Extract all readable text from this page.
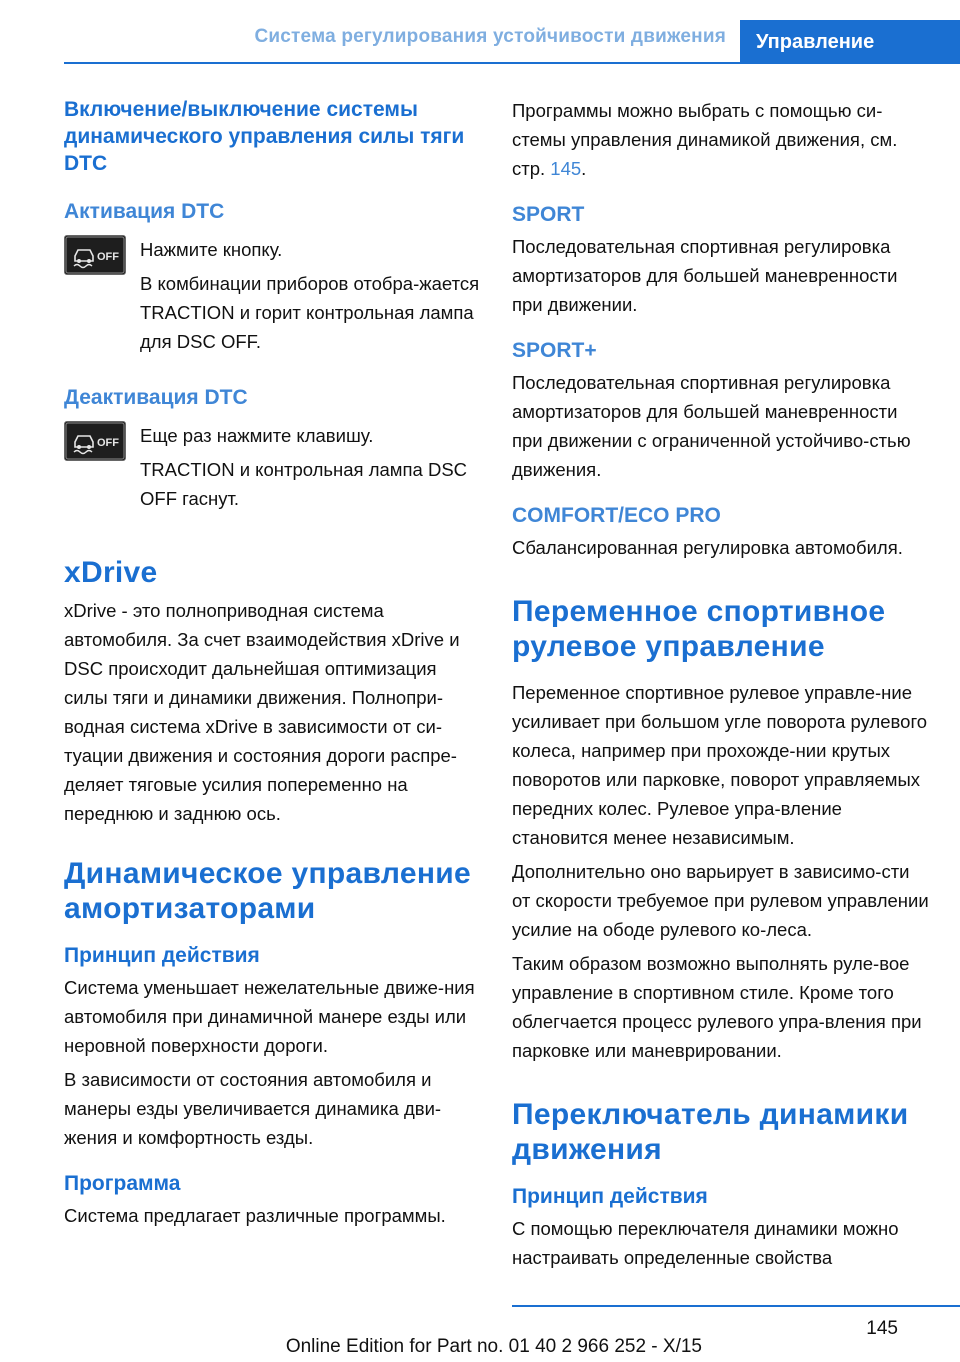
Система регулирования устойчивости движения	Управление
Включение/выключение системы динамического управления силы тяги DTC
Активация DTC
OFF	Нажмите кнопку.

В комбинации приборов отобра-жается TRACTION и горит контрольная лампа для DSC OFF.

Деактивация DTC
OFF	Еще раз нажмите клавишу.

TRACTION и контрольная лампа DSC OFF гаснут.

xDrive

xDrive - это полноприводная система автомобиля. За счет взаимодействия xDrive и DSC происходит дальнейшая оптимизация силы тяги и динамики движения. Полнопри-водная система xDrive в зависимости от си-туации движения и состояния дороги распре-деляет тяговые усилия попеременно на переднюю и заднюю ось.

Динамическое управление амортизаторами
Принцип действия

Система уменьшает нежелательные движе-ния автомобиля при динамичной манере езды или неровной поверхности дороги.

В зависимости от состояния автомобиля и манеры езды увеличивается динамика дви-жения и комфортность езды.

Программа

Система предлагает различные программы.

Программы можно выбрать с помощью си-стемы управления динамикой движения, см. стр. 145.

SPORT

Последовательная спортивная регулировка амортизаторов для большей маневренности при движении.

SPORT+

Последовательная спортивная регулировка амортизаторов для большей маневренности при движении с ограниченной устойчиво-стью движения.

COMFORT/ECO PRO

Сбалансированная регулировка автомобиля.

Переменное спортивное рулевое управление

Переменное спортивное рулевое управле-ние усиливает при большом угле поворота рулевого колеса, например при прохожде-нии крутых поворотов или парковке, поворот управляемых передних колес. Рулевое упра-вление становится менее независимым.

Дополнительно оно варьирует в зависимо-сти от скорости требуемое при рулевом управлении усилие на ободе рулевого ко-леса.

Таким образом возможно выполнять руле-вое управление в спортивном стиле. Кроме того облегчается процесс рулевого упра-вления при парковке или маневрировании.

Переключатель динамики движения
Принцип действия

С помощью переключателя динамики можно настраивать определенные свойства

145
Online Edition for Part no. 01 40 2 966 252 - X/15
